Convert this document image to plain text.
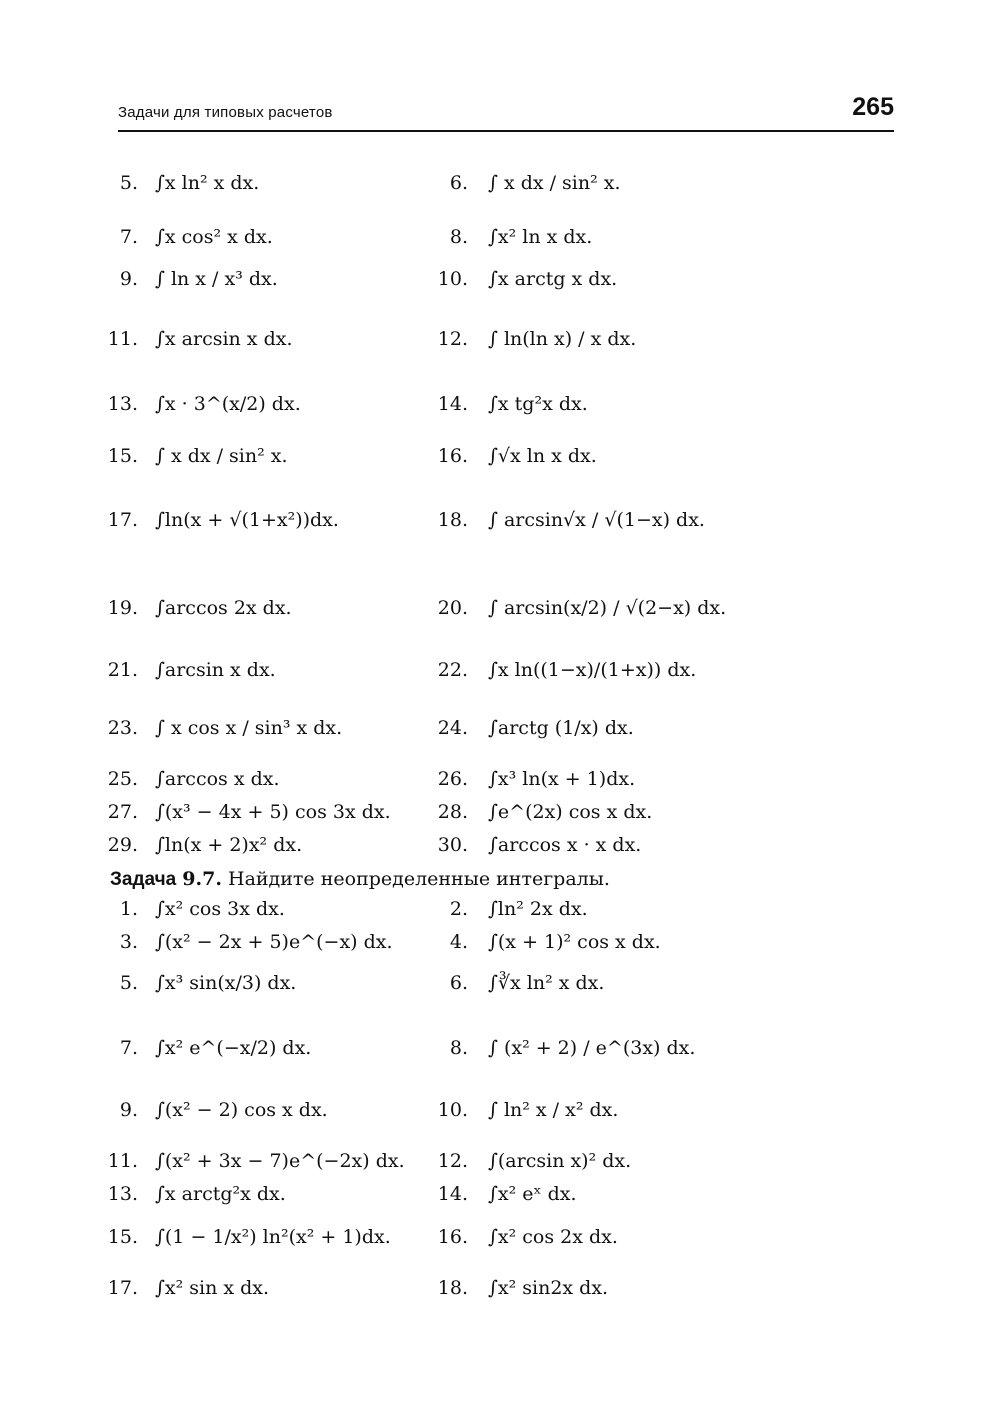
Задачи для типовых расчетов	265
5. ∫x ln² x dx.	6. ∫ x dx / sin² x.
7. ∫x cos² x dx.	8. ∫x² ln x dx.
9. ∫ ln x / x³ dx.	10. ∫x arctg x dx.
11. ∫x arcsin x dx.	12. ∫ ln(ln x) / x dx.
13. ∫x · 3^(x/2) dx.	14. ∫x tg²x dx.
15. ∫ x dx / sin² x.	16. ∫√x ln x dx.
17. ∫ln(x + √(1+x²))dx.	18. ∫ arcsin√x / √(1−x) dx.
19. ∫arccos 2x dx.	20. ∫ arcsin(x/2) / √(2−x) dx.
21. ∫arcsin x dx.	22. ∫x ln((1−x)/(1+x)) dx.
23. ∫ x cos x / sin³ x dx.	24. ∫arctg (1/x) dx.
25. ∫arccos x dx.	26. ∫x³ ln(x + 1)dx.
27. ∫(x³ − 4x + 5) cos 3x dx.	28. ∫e^(2x) cos x dx.
29. ∫ln(x + 2)x² dx.	30. ∫arccos x · x dx.
Задача 9.7. Найдите неопределенные интегралы.
1. ∫x² cos 3x dx.	2. ∫ln² 2x dx.
3. ∫(x² − 2x + 5)e^(−x) dx.	4. ∫(x + 1)² cos x dx.
5. ∫x³ sin(x/3) dx.	6. ∫∛x ln² x dx.
7. ∫x² e^(−x/2) dx.	8. ∫ (x² + 2) / e^(3x) dx.
9. ∫(x² − 2) cos x dx.	10. ∫ ln² x / x² dx.
11. ∫(x² + 3x − 7)e^(−2x) dx.	12. ∫(arcsin x)² dx.
13. ∫x arctg²x dx.	14. ∫x² eˣ dx.
15. ∫(1 − 1/x²) ln²(x² + 1)dx.	16. ∫x² cos 2x dx.
17. ∫x² sin x dx.	18. ∫x² sin2x dx.
